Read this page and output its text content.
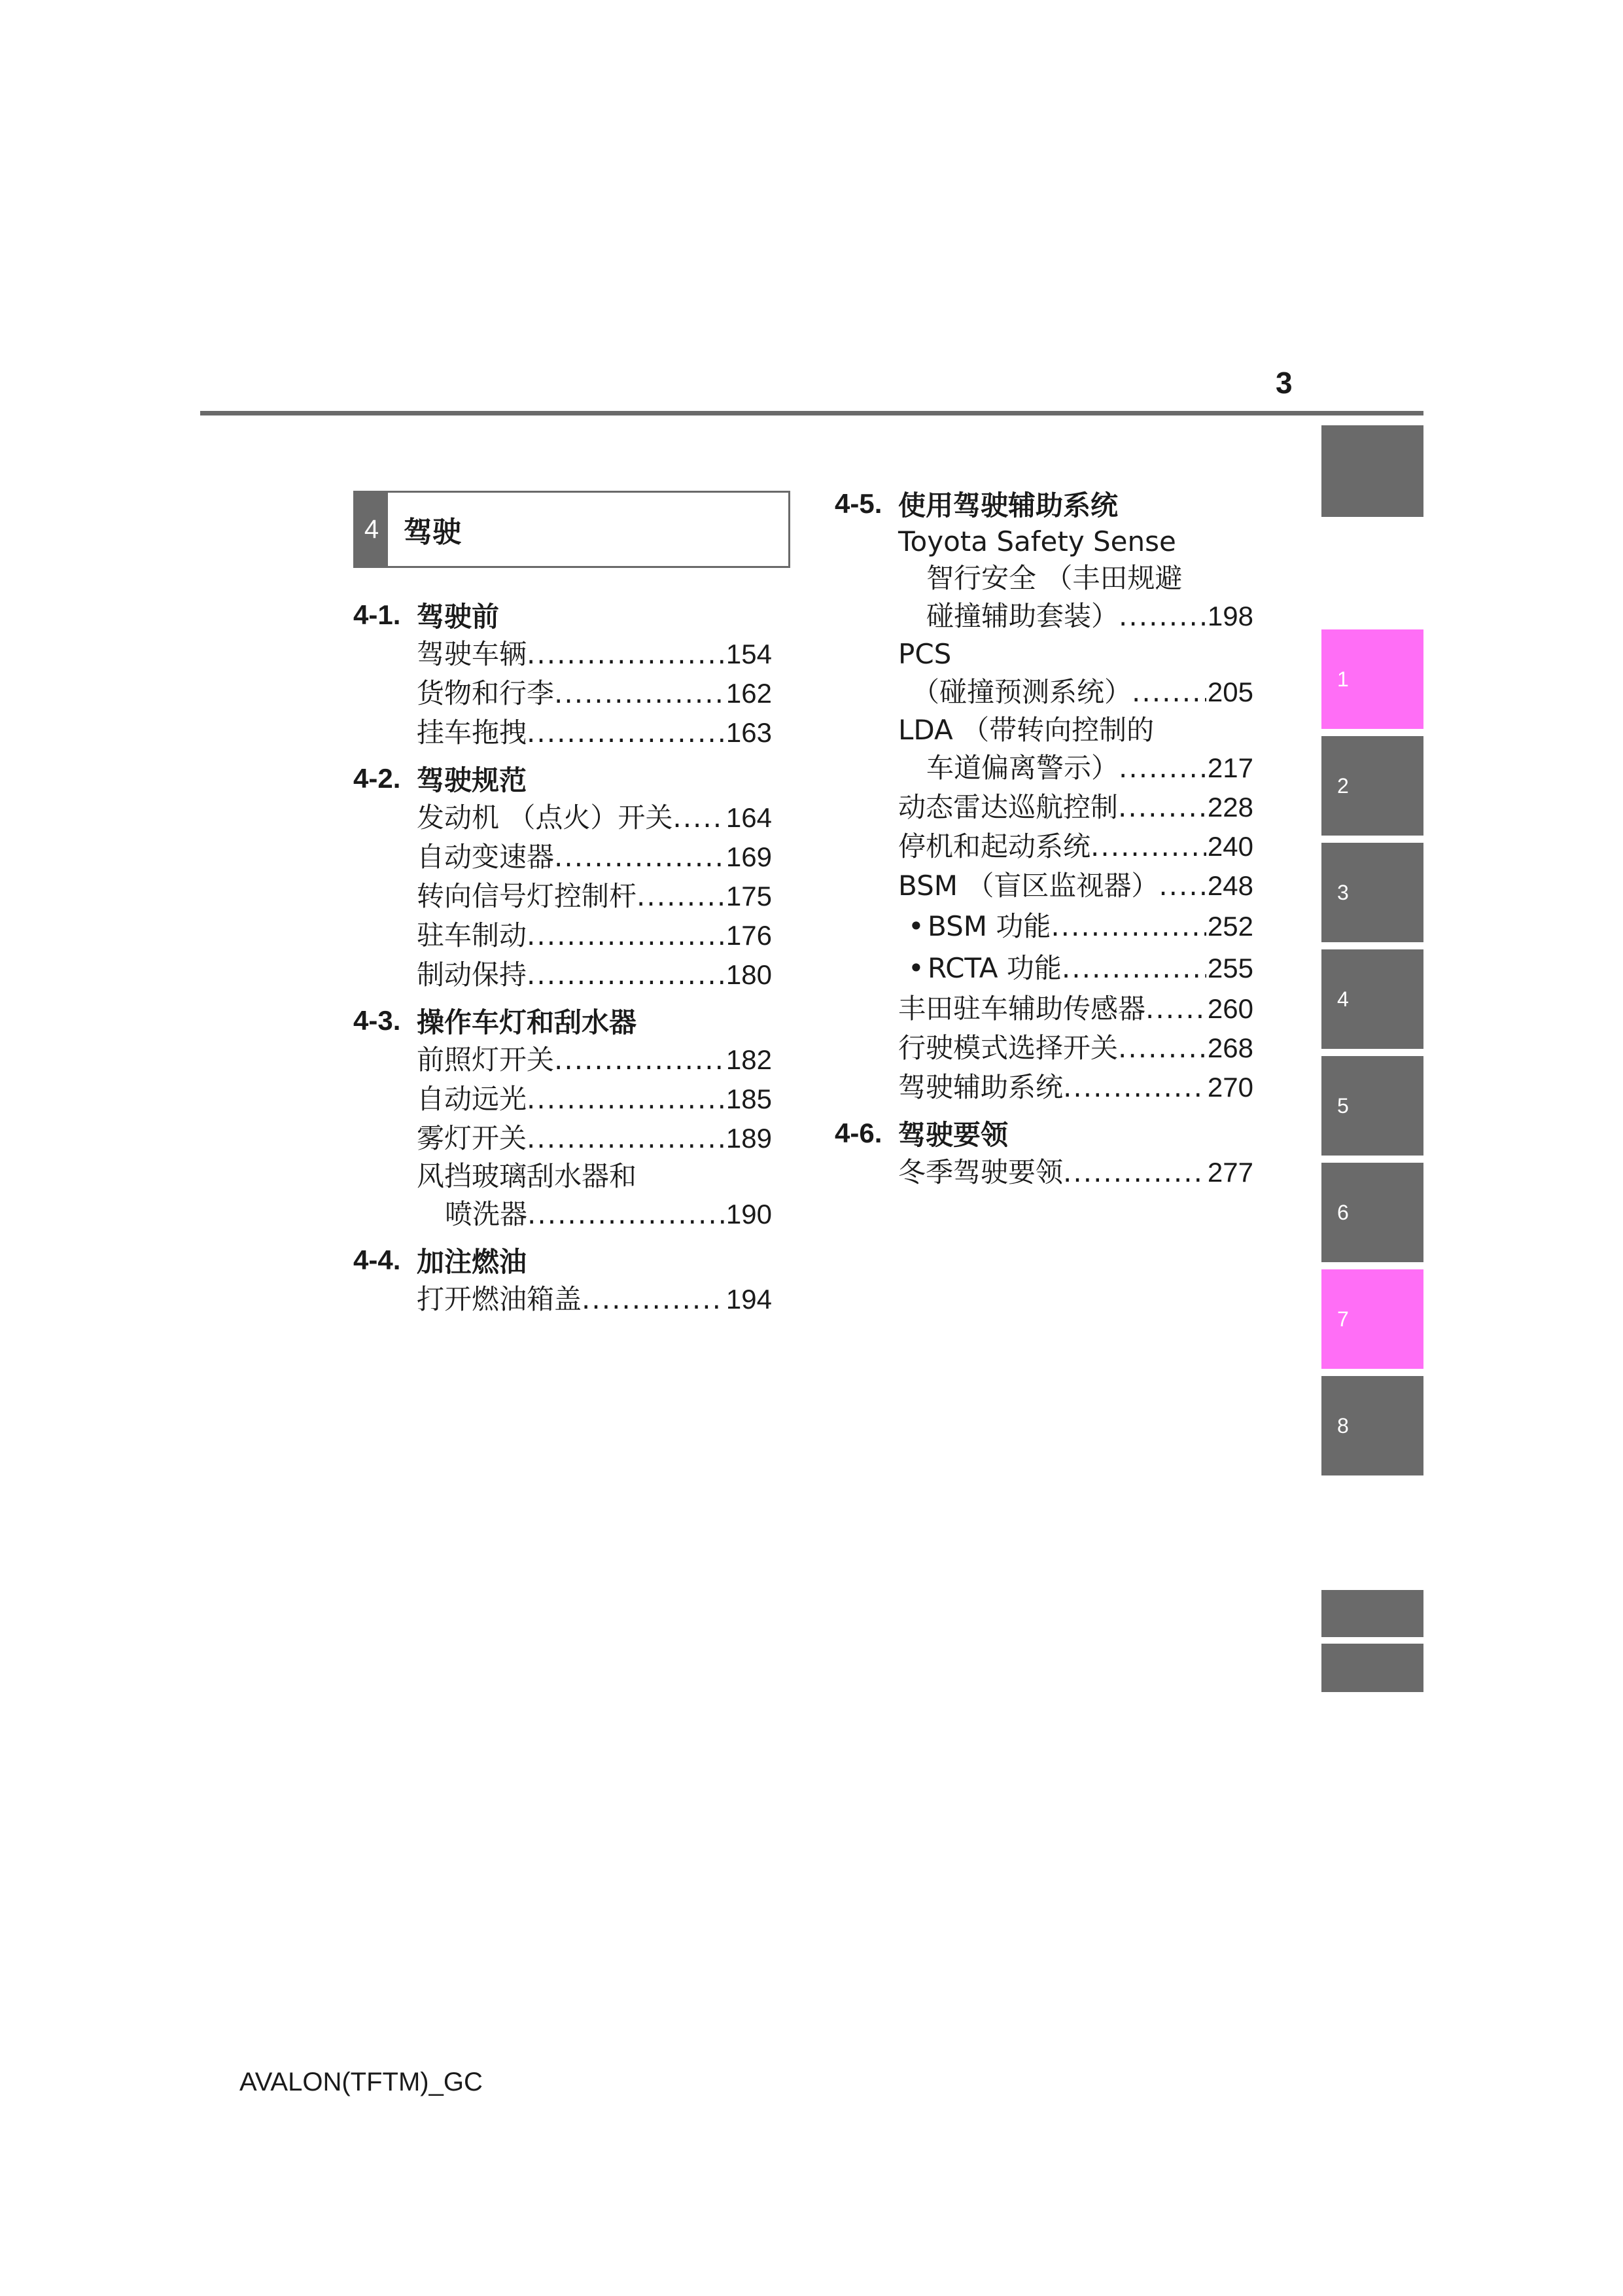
3
4 驾驶
4-1. 驾驶前
驾驶车辆 .....	154
货物和行李 .....	162
挂车拖拽 .....	163
4-2. 驾驶规范
发动机 （点火）开关 ..... 164
自动变速器 .....	169
转向信号灯控制杆 .....	175
驻车制动 .....	176
制动保持 .....	180
4-3. 操作车灯和刮水器
前照灯开关 .....	182
自动远光 .....	185
雾灯开关 .....	189
风挡玻璃刮水器和
喷洗器 .....	190
4-4. 加注燃油
打开燃油箱盖 .....	194
4-5. 使用驾驶辅助系统
Toyota Safety Sense
智行安全 （丰田规避
碰撞辅助套装） .....	198
PCS
（碰撞预测系统） .....	205
LDA （带转向控制的
车道偏离警示） .....	217
动态雷达巡航控制 .....	228
停机和起动系统 .....	240
BSM （盲区监视器） ..... 248
• BSM 功能 .....	252
• RCTA 功能 .....	255
丰田驻车辅助传感器 ..... 260
行驶模式选择开关 .....	268
驾驶辅助系统 .....	270
4-6. 驾驶要领
冬季驾驶要领 .....	277
1
2
3
4
5
6
7
8
AVALON(TFTM)_GC
